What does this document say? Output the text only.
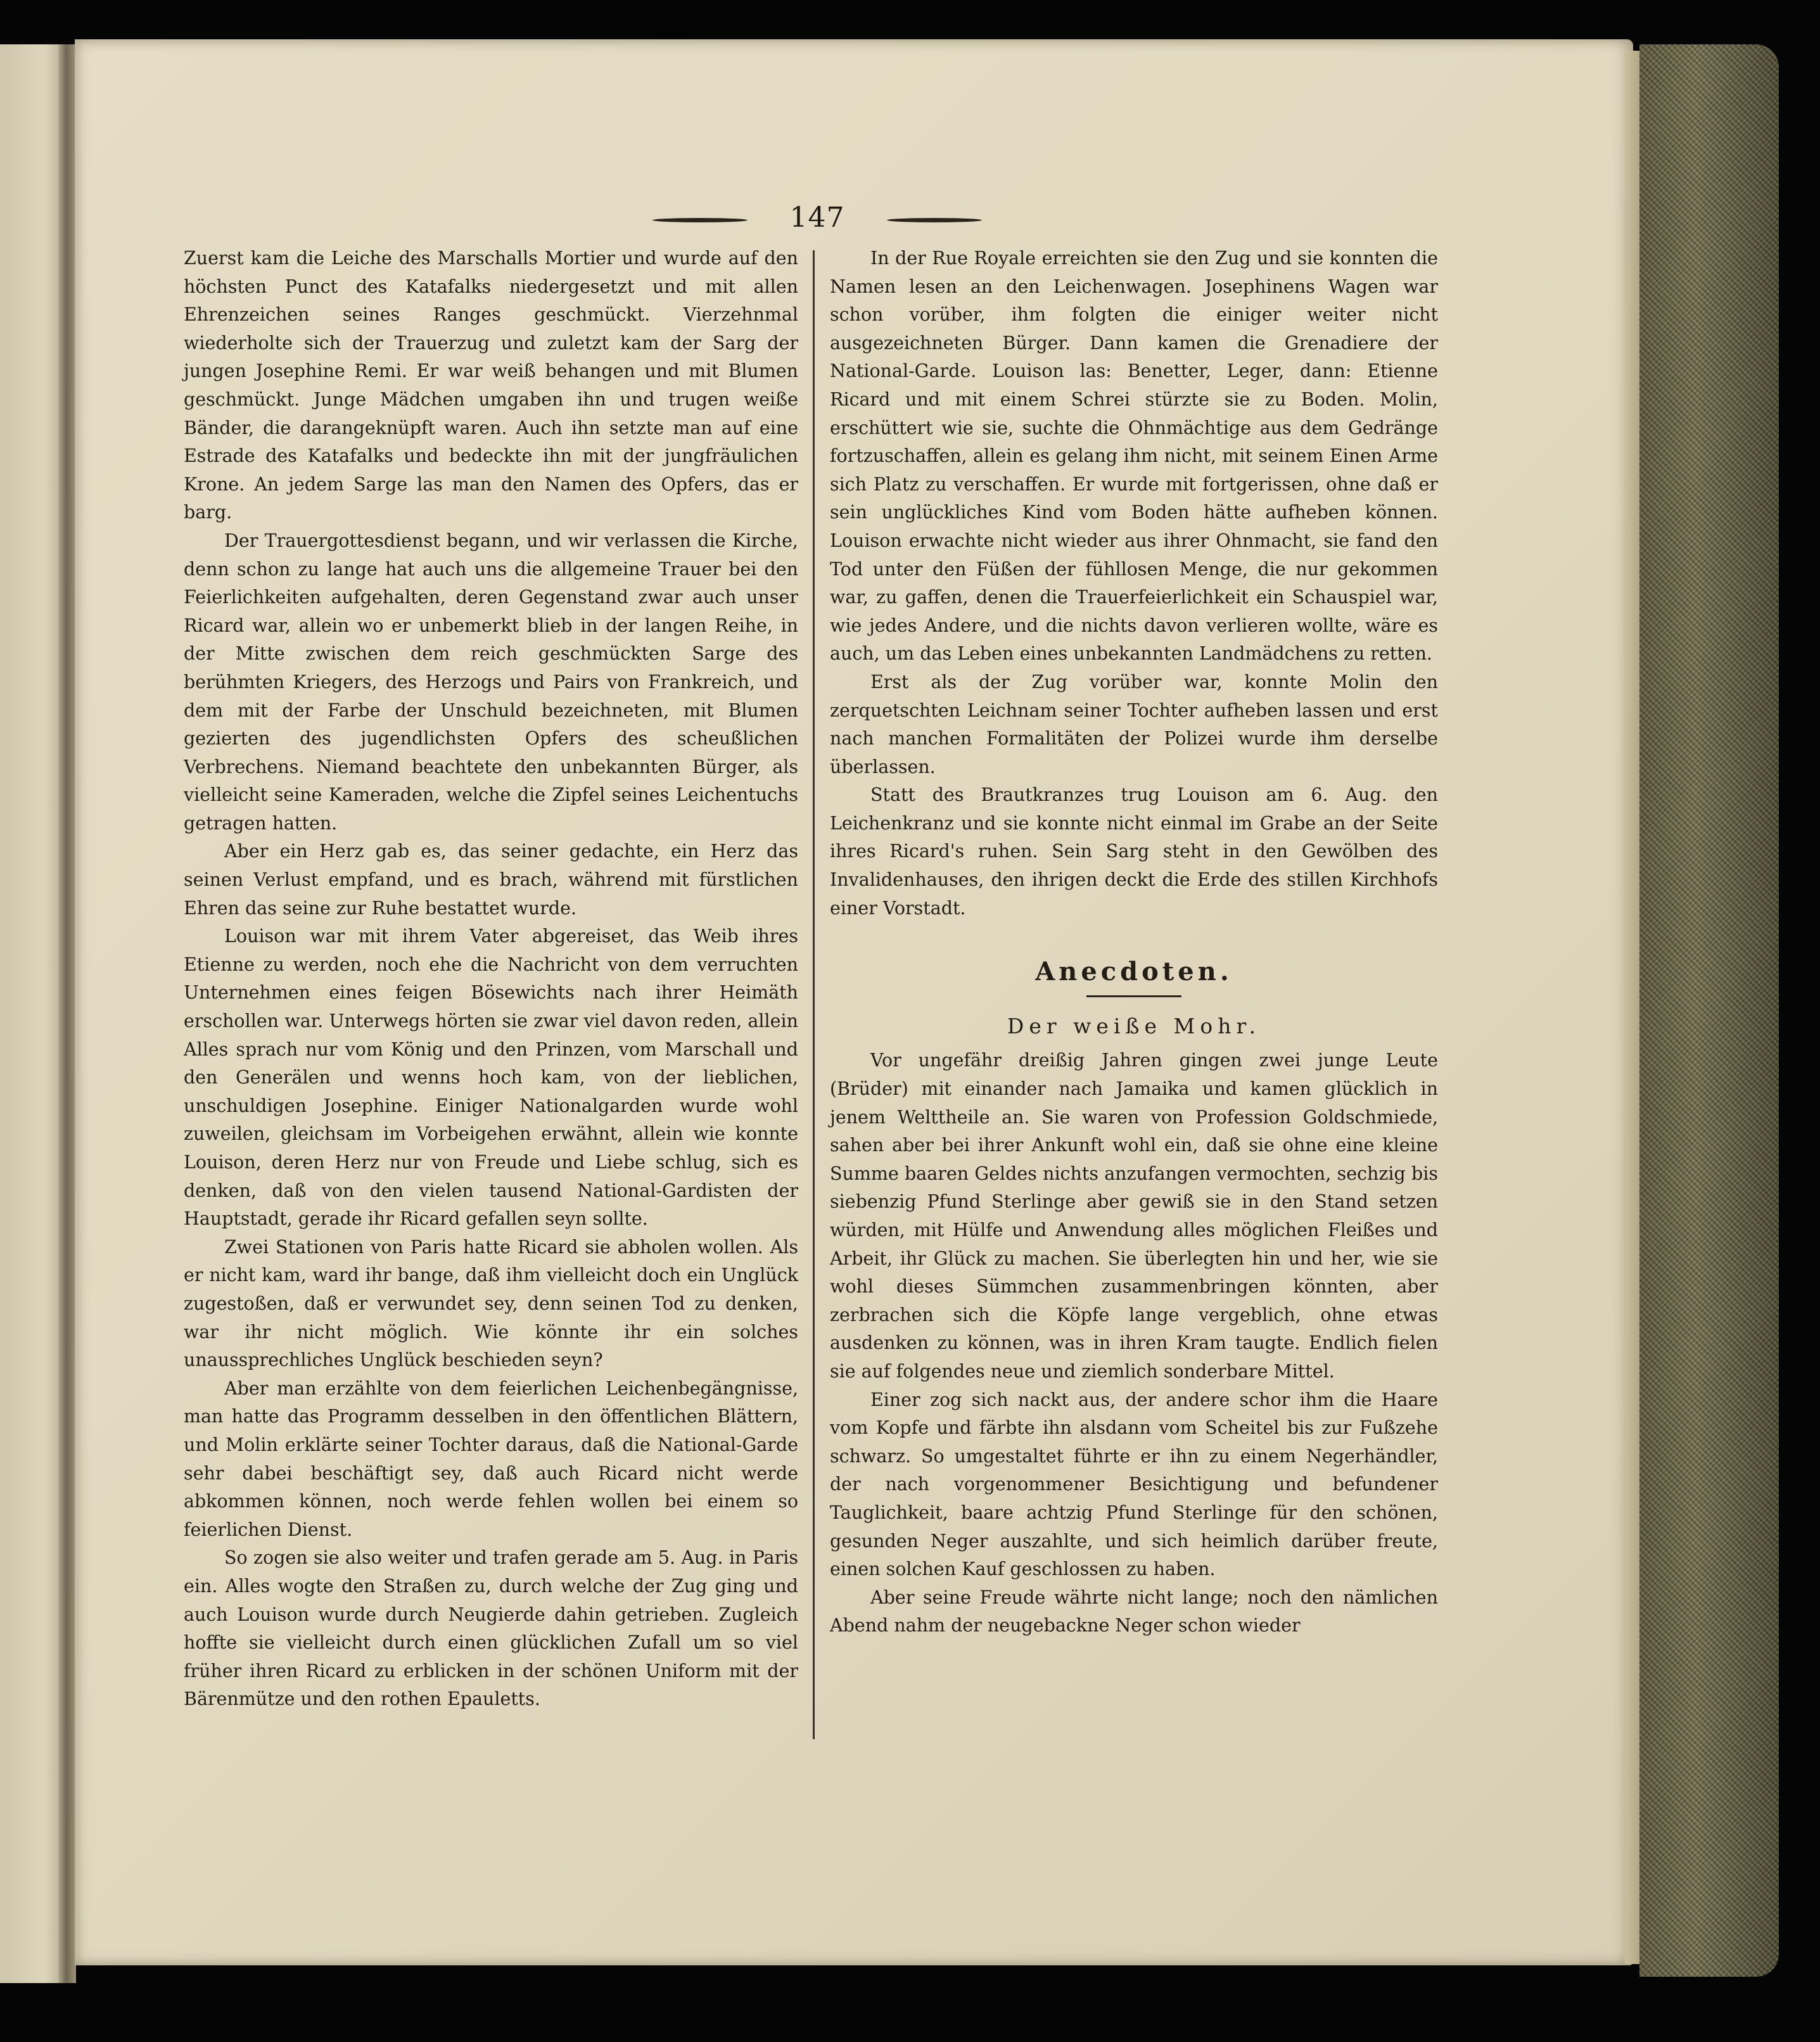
147

Zuerst kam die Leiche des Marschalls Mortier und wurde auf den höchsten Punct des Katafalks niedergesetzt und mit allen Ehrenzeichen seines Ranges geschmückt. Vierzehnmal wiederholte sich der Trauerzug und zuletzt kam der Sarg der jungen Josephine Remi. Er war weiß behangen und mit Blumen geschmückt. Junge Mädchen umgaben ihn und trugen weiße Bänder, die darangeknüpft waren. Auch ihn setzte man auf eine Estrade des Katafalks und bedeckte ihn mit der jungfräulichen Krone. An jedem Sarge las man den Namen des Opfers, das er barg.

Der Trauergottesdienst begann, und wir verlassen die Kirche, denn schon zu lange hat auch uns die allgemeine Trauer bei den Feierlichkeiten aufgehalten, deren Gegenstand zwar auch unser Ricard war, allein wo er unbemerkt blieb in der langen Reihe, in der Mitte zwischen dem reich geschmückten Sarge des berühmten Kriegers, des Herzogs und Pairs von Frankreich, und dem mit der Farbe der Unschuld bezeichneten, mit Blumen gezierten des jugendlichsten Opfers des scheußlichen Verbrechens. Niemand beachtete den unbekannten Bürger, als vielleicht seine Kameraden, welche die Zipfel seines Leichentuchs getragen hatten.

Aber ein Herz gab es, das seiner gedachte, ein Herz das seinen Verlust empfand, und es brach, während mit fürstlichen Ehren das seine zur Ruhe bestattet wurde.

Louison war mit ihrem Vater abgereiset, das Weib ihres Etienne zu werden, noch ehe die Nachricht von dem verruchten Unternehmen eines feigen Bösewichts nach ihrer Heimäth erschollen war. Unterwegs hörten sie zwar viel davon reden, allein Alles sprach nur vom König und den Prinzen, vom Marschall und den Generälen und wenns hoch kam, von der lieblichen, unschuldigen Josephine. Einiger Nationalgarden wurde wohl zuweilen, gleichsam im Vorbeigehen erwähnt, allein wie konnte Louison, deren Herz nur von Freude und Liebe schlug, sich es denken, daß von den vielen tausend National-Gardisten der Hauptstadt, gerade ihr Ricard gefallen seyn sollte.

Zwei Stationen von Paris hatte Ricard sie abholen wollen. Als er nicht kam, ward ihr bange, daß ihm vielleicht doch ein Unglück zugestoßen, daß er verwundet sey, denn seinen Tod zu denken, war ihr nicht möglich. Wie könnte ihr ein solches unaussprechliches Unglück beschieden seyn?

Aber man erzählte von dem feierlichen Leichenbegängnisse, man hatte das Programm desselben in den öffentlichen Blättern, und Molin erklärte seiner Tochter daraus, daß die National-Garde sehr dabei beschäftigt sey, daß auch Ricard nicht werde abkommen können, noch werde fehlen wollen bei einem so feierlichen Dienst.

So zogen sie also weiter und trafen gerade am 5. Aug. in Paris ein. Alles wogte den Straßen zu, durch welche der Zug ging und auch Louison wurde durch Neugierde dahin getrieben. Zugleich hoffte sie vielleicht durch einen glücklichen Zufall um so viel früher ihren Ricard zu erblicken in der schönen Uniform mit der Bärenmütze und den rothen Epauletts.

In der Rue Royale erreichten sie den Zug und sie konnten die Namen lesen an den Leichenwagen. Josephinens Wagen war schon vorüber, ihm folgten die einiger weiter nicht ausgezeichneten Bürger. Dann kamen die Grenadiere der National-Garde. Louison las: Benetter, Leger, dann: Etienne Ricard und mit einem Schrei stürzte sie zu Boden. Molin, erschüttert wie sie, suchte die Ohnmächtige aus dem Gedränge fortzuschaffen, allein es gelang ihm nicht, mit seinem Einen Arme sich Platz zu verschaffen. Er wurde mit fortgerissen, ohne daß er sein unglückliches Kind vom Boden hätte aufheben können. Louison erwachte nicht wieder aus ihrer Ohnmacht, sie fand den Tod unter den Füßen der fühllosen Menge, die nur gekommen war, zu gaffen, denen die Trauerfeierlichkeit ein Schauspiel war, wie jedes Andere, und die nichts davon verlieren wollte, wäre es auch, um das Leben eines unbekannten Landmädchens zu retten.

Erst als der Zug vorüber war, konnte Molin den zerquetschten Leichnam seiner Tochter aufheben lassen und erst nach manchen Formalitäten der Polizei wurde ihm derselbe überlassen.

Statt des Brautkranzes trug Louison am 6. Aug. den Leichenkranz und sie konnte nicht einmal im Grabe an der Seite ihres Ricard's ruhen. Sein Sarg steht in den Gewölben des Invalidenhauses, den ihrigen deckt die Erde des stillen Kirchhofs einer Vorstadt.

Anecdoten.
Der weiße Mohr.

Vor ungefähr dreißig Jahren gingen zwei junge Leute (Brüder) mit einander nach Jamaika und kamen glücklich in jenem Welttheile an. Sie waren von Profession Goldschmiede, sahen aber bei ihrer Ankunft wohl ein, daß sie ohne eine kleine Summe baaren Geldes nichts anzufangen vermochten, sechzig bis siebenzig Pfund Sterlinge aber gewiß sie in den Stand setzen würden, mit Hülfe und Anwendung alles möglichen Fleißes und Arbeit, ihr Glück zu machen. Sie überlegten hin und her, wie sie wohl dieses Sümmchen zusammenbringen könnten, aber zerbrachen sich die Köpfe lange vergeblich, ohne etwas ausdenken zu können, was in ihren Kram taugte. Endlich fielen sie auf folgendes neue und ziemlich sonderbare Mittel.

Einer zog sich nackt aus, der andere schor ihm die Haare vom Kopfe und färbte ihn alsdann vom Scheitel bis zur Fußzehe schwarz. So umgestaltet führte er ihn zu einem Negerhändler, der nach vorgenommener Besichtigung und befundener Tauglichkeit, baare achtzig Pfund Sterlinge für den schönen, gesunden Neger auszahlte, und sich heimlich darüber freute, einen solchen Kauf geschlossen zu haben.

Aber seine Freude währte nicht lange; noch den nämlichen Abend nahm der neugebackne Neger schon wieder
